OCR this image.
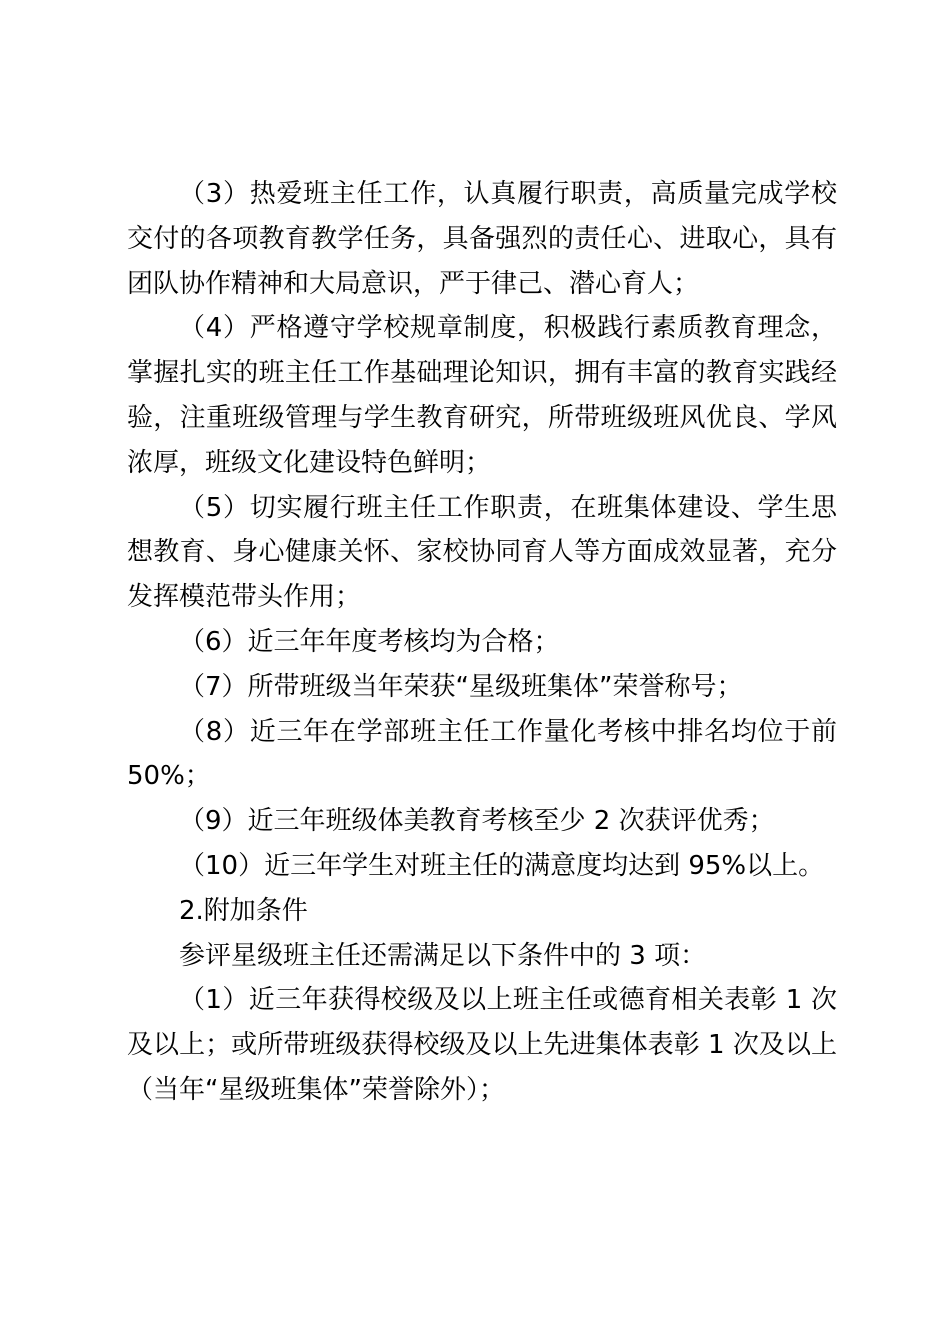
（3）热爱班主任工作，认真履行职责，高质量完成学校交付的各项教育教学任务，具备强烈的责任心、进取心，具有团队协作精神和大局意识，严于律己、潜心育人；

（4）严格遵守学校规章制度，积极践行素质教育理念，掌握扎实的班主任工作基础理论知识，拥有丰富的教育实践经验，注重班级管理与学生教育研究，所带班级班风优良、学风浓厚，班级文化建设特色鲜明；

（5）切实履行班主任工作职责，在班集体建设、学生思想教育、身心健康关怀、家校协同育人等方面成效显著，充分发挥模范带头作用；

（6）近三年年度考核均为合格；

（7）所带班级当年荣获“星级班集体”荣誉称号；

（8）近三年在学部班主任工作量化考核中排名均位于前50%；

（9）近三年班级体美教育考核至少 2 次获评优秀；

（10）近三年学生对班主任的满意度均达到 95%以上。

2.附加条件

参评星级班主任还需满足以下条件中的 3 项：

（1）近三年获得校级及以上班主任或德育相关表彰 1 次及以上；或所带班级获得校级及以上先进集体表彰 1 次及以上（当年“星级班集体”荣誉除外）；
